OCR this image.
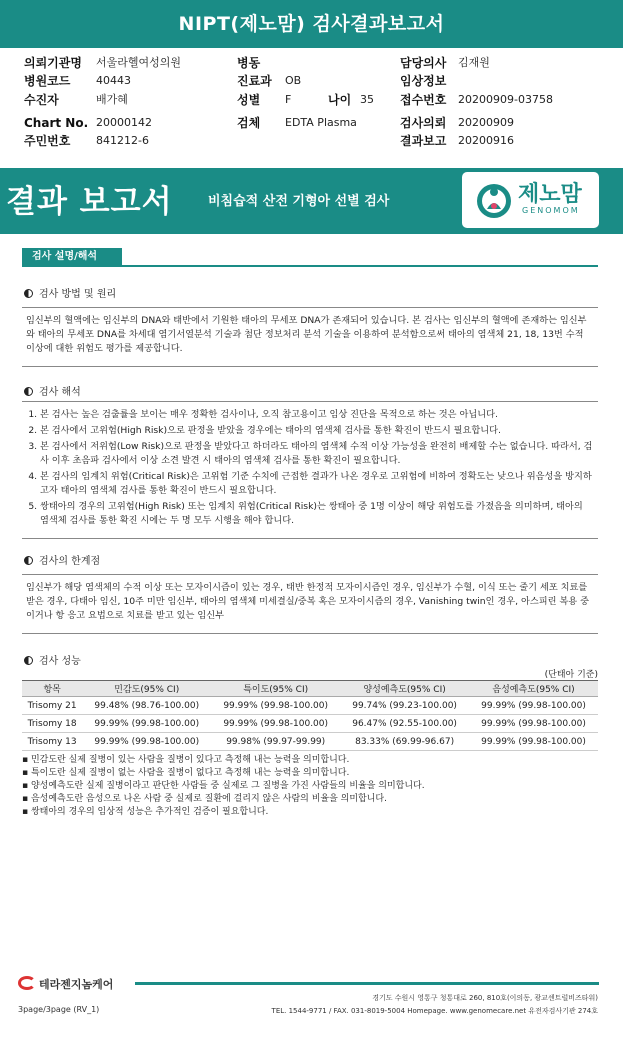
NIPT(제노맘) 검사결과보고서
의뢰기관명 서울라헬여성의원	병동	담당의사 김재원
병원코드 40443	진료과 OB	임상정보
수진자	배가혜	성별 F	나이 35 접수번호 20200909-03758
Chart No. 20000142	검체 EDTA Plasma	검사의뢰 20200909
주민번호 841212-6	결과보고 20200916
결과 보고서	비침습적 산전 기형아 선별 검사	제노맘
GENOMOM
검사 설명/해석
검사 방법 및 원리
임신부의 혈액에는 임신부의 DNA와 태반에서 기원한 태아의 무세포 DNA가 존재되어 있습니다. 본 검사는 임신부의 혈액에 존재하는 임신부와 태아의 무세포 DNA를 차세대 염기서열분석 기술과 첨단 정보처리 분석 기술을 이용하여 분석함으로써 태아의 염색체 21, 18, 13번 수적 이상에 대한 위험도 평가를 제공합니다.
검사 해석
1. 본 검사는 높은 검출률을 보이는 매우 정확한 검사이나, 오직 참고용이고 임상 진단을 목적으로 하는 것은 아닙니다.
2. 본 검사에서 고위험(High Risk)으로 판정을 받았을 경우에는 태아의 염색체 검사를 통한 확진이 반드시 필요합니다.
3. 본 검사에서 저위험(Low Risk)으로 판정을 받았다고 하더라도 태아의 염색체 수적 이상 가능성을 완전히 배제할 수는 없습니다. 따라서, 검사 이후 초음파 검사에서 이상 소견 발견 시 태아의 염색체 검사를 통한 확진이 필요합니다.
4. 본 검사의 임계치 위험(Critical Risk)은 고위험 기준 수치에 근접한 결과가 나온 경우로 고위험에 비하여 정확도는 낮으나 위음성을 방지하고자 태아의 염색체 검사를 통한 확진이 반드시 필요합니다.
5. 쌍태아의 경우의 고위험(High Risk) 또는 임계치 위험(Critical Risk)는 쌍태아 중 1명 이상이 해당 위험도를 가졌음을 의미하며, 태아의 염색체 검사를 통한 확진 시에는 두 명 모두 시행을 해야 합니다.
검사의 한계점
임신부가 해당 염색체의 수적 이상 또는 모자이시즘이 있는 경우, 태반 한정적 모자이시즘인 경우, 임신부가 수혈, 이식 또는 줄기 세포 치료를 받은 경우, 다태아 임신, 10주 미만 임신부, 태아의 염색체 미세결실/중복 혹은 모자이시즘의 경우, Vanishing twin인 경우, 아스피린 복용 중이거나 항 응고 요법으로 치료를 받고 있는 임신부
검사 성능
(단태아 기준)
항목	민감도(95% CI)	특이도(95% CI)	양성예측도(95% CI)	음성예측도(95% CI)
Trisomy 21	99.48% (98.76-100.00)	99.99% (99.98-100.00)	99.74% (99.23-100.00)	99.99% (99.98-100.00)
Trisomy 18	99.99% (99.98-100.00)	99.99% (99.98-100.00)	96.47% (92.55-100.00)	99.99% (99.98-100.00)
Trisomy 13	99.99% (99.98-100.00)	99.98% (99.97-99.99)	83.33% (69.99-96.67)	99.99% (99.98-100.00)
▪ 민감도란 실제 질병이 있는 사람을 질병이 있다고 측정해 내는 능력을 의미합니다.
▪ 특이도란 실제 질병이 없는 사람을 질병이 없다고 측정해 내는 능력을 의미합니다.
▪ 양성예측도란 실제 질병이라고 판단한 사람들 중 실제로 그 질병을 가진 사람들의 비율을 의미합니다.
▪ 음성예측도란 음성으로 나온 사람 중 실제로 질환에 걸리지 않은 사람의 비율을 의미합니다.
▪ 쌍태아의 경우의 임상적 성능은 추가적인 검증이 필요합니다.
테라젠지놈케어
경기도 수원시 영통구 청통대로 260, 810호(이의동, 광교센트럴비즈타워)
TEL. 1544-9771 / FAX. 031-8019-5004 Homepage. www.genomecare.net 유전자검사기관 274호
3page/3page (RV_1)
